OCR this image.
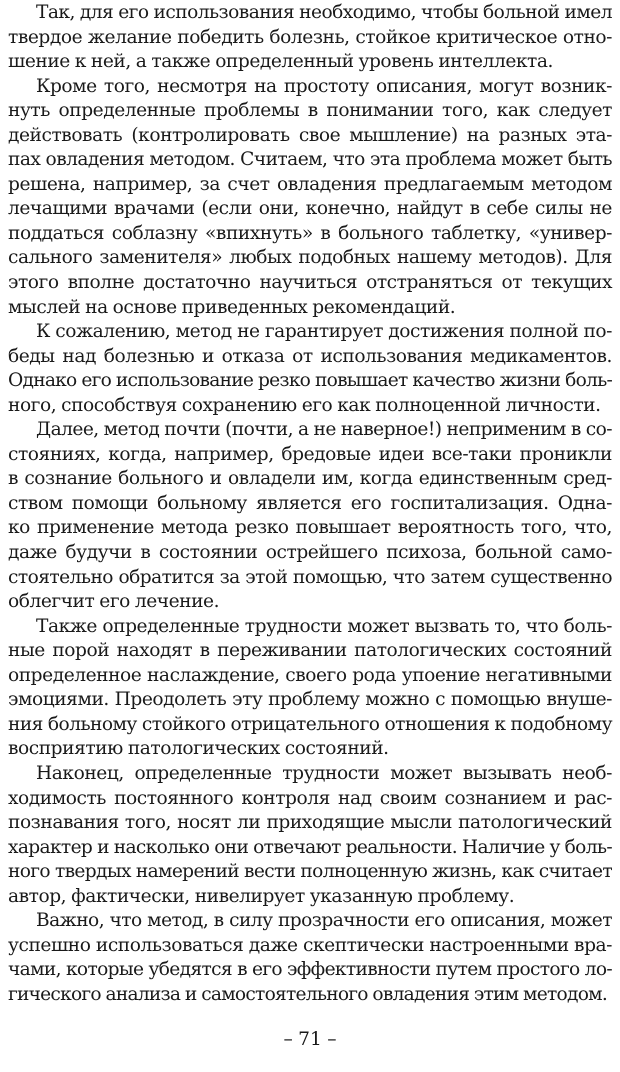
Так, для его использования необходимо, чтобы больной имел
твердое желание победить болезнь, стойкое критическое отно-
шение к ней, а также определенный уровень интеллекта.
Кроме того, несмотря на простоту описания, могут возник-
нуть определенные проблемы в понимании того, как следует
действовать (контролировать свое мышление) на разных эта-
пах овладения методом. Считаем, что эта проблема может быть
решена, например, за счет овладения предлагаемым методом
лечащими врачами (если они, конечно, найдут в себе силы не
поддаться соблазну «впихнуть» в больного таблетку, «универ-
сального заменителя» любых подобных нашему методов). Для
этого вполне достаточно научиться отстраняться от текущих
мыслей на основе приведенных рекомендаций.
К сожалению, метод не гарантирует достижения полной по-
беды над болезнью и отказа от использования медикаментов.
Однако его использование резко повышает качество жизни боль-
ного, способствуя сохранению его как полноценной личности.
Далее, метод почти (почти, а не наверное!) неприменим в со-
стояниях, когда, например, бредовые идеи все-таки проникли
в сознание больного и овладели им, когда единственным сред-
ством помощи больному является его госпитализация. Одна-
ко применение метода резко повышает вероятность того, что,
даже будучи в состоянии острейшего психоза, больной само-
стоятельно обратится за этой помощью, что затем существенно
облегчит его лечение.
Также определенные трудности может вызвать то, что боль-
ные порой находят в переживании патологических состояний
определенное наслаждение, своего рода упоение негативными
эмоциями. Преодолеть эту проблему можно с помощью внуше-
ния больному стойкого отрицательного отношения к подобному
восприятию патологических состояний.
Наконец, определенные трудности может вызывать необ-
ходимость постоянного контроля над своим сознанием и рас-
познавания того, носят ли приходящие мысли патологический
характер и насколько они отвечают реальности. Наличие у боль-
ного твердых намерений вести полноценную жизнь, как считает
автор, фактически, нивелирует указанную проблему.
Важно, что метод, в силу прозрачности его описания, может
успешно использоваться даже скептически настроенными вра-
чами, которые убедятся в его эффективности путем простого ло-
гического анализа и самостоятельного овладения этим методом.
– 71 –
